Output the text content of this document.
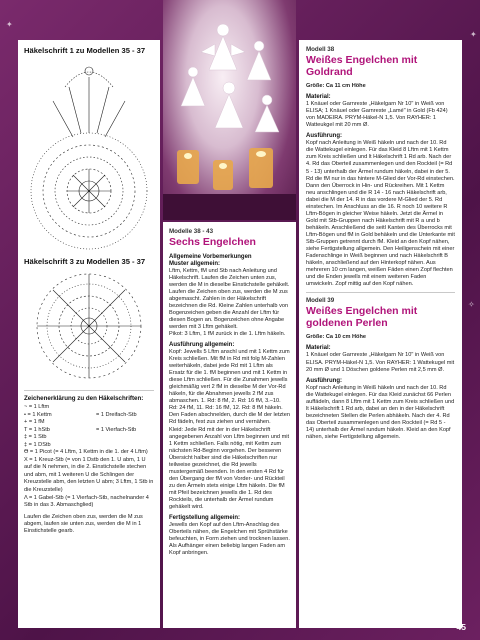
✦
✦
✧
Häkelschrift 1 zu Modellen 35 - 37
Häkelschrift 3 zu Modellen 35 - 37
Zeichenerklärung zu den Häkelschriften:
~ = 1 Lftm
• = 1 Kettm
+ = 1 fM
T = 1 hStb
‡ = 1 Stb
‡ = 1 DStb
Ɵ = 1 Picot (= 4 Lftm, 1 Kettm in die 1. der 4 Lftm)
X = 1 Kreuz-Stb (= von 1 Dstb den 1. U abm, 1 U auf die N nehmen, in die 2. Einstichstelle stechen und abm, mit 1 weiteren U die Schlingen der Kreuzstelle abm, den letzten U abm; 3 Lftm, 1 Stb in die Kreuzstelle)
Λ = 1 Gabel-Stb (= 1 Vierfach-Stb, nachelnander 4 Stb in das 3. Abmaschglied)
= 1 Dreifach-Stb
= 1 Vierfach-Stb

Laufen die Zeichen oben zus, werden die M zus abgem, laufen sie unten zus, werden die M in 1 Einstichstelle gearb.

Modelle 38 - 43
Sechs Engelchen
Allgemeine Vorbemerkungen
Muster allgemein:

Lftm, Kettm, fM und Stb nach Anleitung und Häkelschrift. Laufen die Zeichen unten zus, werden die M in dieselbe Einstichstelle gehäkelt. Laufen die Zeichen oben zus, werden die M zus abgemascht. Zahlen in der Häkelschrift bezeichnen die Rd. Kleine Zahlen unterhalb von Bogenzeichen geben die Anzahl der Lftm für diesen Bogen an. Bogenzeichen ohne Angabe werden mit 3 Lftm gehäkelt.

Pikot: 3 Lftm, 1 fM zurück in die 1. Lftm häkeln.

Ausführung allgemein:

Kopf: Jewells 5 Lftm anschl und mit 1 Kettm zum Kreis schließen. Mit fM in Rd mit folg M-Zahlen weiterhäkeln, dabei jede Rd mit 1 Lftm als Ersatz für die 1. fM beginnen und mit 1 Kettm in diese Lftm schließen. Für die Zunahmen jewells gleichmäßig vert 2 fM in dieselbe M der Vor-Rd häkeln, für die Abnahmen jewells 2 fM zus abmaschen. 1. Rd: 8 fM, 2. Rd: 16 fM, 3.–10. Rd: 24 fM, 11. Rd: 16 fM, 12. Rd: 8 fM häkeln. Den Faden abschnelden, durch die M der letzten Rd fädeln, fest zus ziehen und vernähen.

Kleid: Jede Rd mit der in der Häkelschrift angegebenen Anzahl von Lftm beginnen und mit 1 Kettm schließen. Falls nötig, mit Kettm zum nächsten Rd-Beginn vorgehen. Der besseren Übersicht halber sind die Häkelschriften nur teilweise gezeichnet, die Rd jewells mustergemäß beenden. In den ersten 4 Rd für den Übergang der fM von Vorder- und Rückteil zu den Ärmeln stets einige Lftm häkeln. Die fM mit Pfeil bezeichnen jewells die 1. Rd des Rockteils, die unterhalb der Ärmel rundum gehäkelt wird.

Fertigstellung allgemein:

Jewells den Kopf auf den Lftm-Anschlag des Oberteils nähen, die Engelchen mit Sprühstärke befeuchten, in Form ziehen und trocknen lassen. Als Aufhänger einen beliebig langen Faden am Kopf anbringen.

Modell 38
Weißes Engelchen mit Goldrand

Größe: Ca 11 cm Höhe

Material:

1 Knäuel oder Garnreste „Häkelgarn Nr 10" in Weiß von ELISA; 1 Knäuel oder Garnreste „Lamé" in Gold (Fb 424) von MADEIRA. PRYM-Häkel-N 1,5. Von RAYHER: 1 Watteukgel mit 20 mm Ø.

Ausführung:

Kopf nach Anleitung in Weiß häkeln und nach der 10. Rd die Wattekugel einlegen. Für das Kleid 8 Lftm mit 1 Kettm zum Kreis schließen und lt Häkelschrift 1 Rd arb. Nach der 4. Rd das Oberteil zusammenlegen und den Rockteil (= Rd 5 - 13) unterhalb der Ärmel rundum häkeln, dabei in der 5. Rd die fM nur in das hintere M-Glied der Vor-Rd einstechen. Dann den Überrock in Hin- und Rückreihen. Mit 1 Kettm neu anschlingen und die R 14 - 16 nach Häkelschrift arb, dabei die M der 14. R in das vordere M-Glied der 5. Rd einstechen. Im Anschluss an die 16. R noch 10 weitere R Lftm-Bögen in gleicher Weise häkeln. Jetzt die Ärmel in Gold mit Stb-Gruppen nach Häkelschrift mit R a und b behäkeln. Anschließend die seitl Kanten des Überrocks mit Lftm-Bögen und fM in Gold behäkeln und die Unterkante mit Stb-Gruppen getrennt durch fM. Kleid an den Kopf nähen, siehe Fertigstellung allgemein. Den Heiligenschein mit einer Fadenschlinge in Weiß beginnen und nach Häkelschrift B häkeln, anschließend auf den Hinterkopf nähen. Aus mehreren 10 cm langen, weißen Fäden einen Zopf flechten und die Enden jewells mit einem weiteren Faden umwickeln. Zopf mittig auf den Kopf nähen.

Modell 39
Weißes Engelchen mit goldenen Perlen

Größe: Ca 10 cm Höhe

Material:

1 Knäuel oder Garnreste „Häkelgarn Nr 10" in Weiß von ELISA. PRYM-Häkel-N 1,5. Von RAYHER: 1 Wattekugel mit 20 mm Ø und 1 Döschen goldene Perlen mit 2,5 mm Ø.

Ausführung:

Kopf nach Anleitung in Weiß häkeln und nach der 10. Rd die Wattekugel einlegen. Für das Kleid zunächst 66 Perlen auffädeln, dann 8 Lftm mit 1 Kettm zum Kreis schließen und lt Häkelschrift 1 Rd arb, dabei an den in der Häkelschrift bezeichneten Stellen die Perlen abhäkeln. Nach der 4. Rd das Oberteil zusammenlegen und den Rockteil (= Rd 5 - 14) unterhalb der Ärmel rundum häkeln. Kleid an den Kopf nähen, siehe Fertigstellung allgemein.

45
